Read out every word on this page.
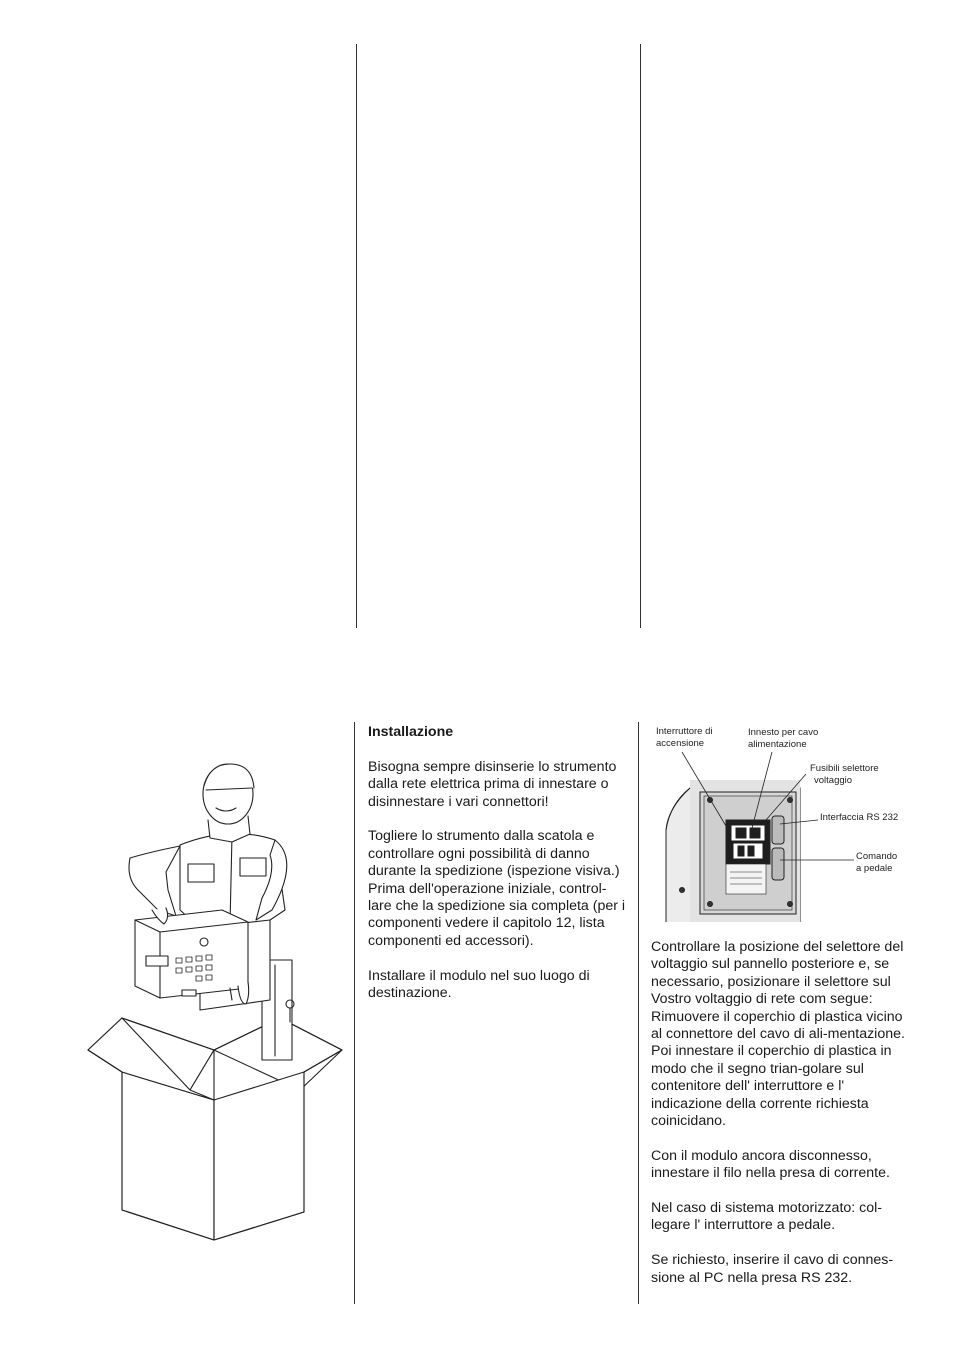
Installazione

Bisogna sempre disinserie lo strumento dalla rete elettrica prima di innestare o disinnestare i vari connettori!

Togliere lo strumento dalla scatola e controllare ogni possibilità di danno durante la spedizione (ispezione visiva.) Prima dell'operazione iniziale, control-lare che la spedizione sia completa (per i componenti vedere il capitolo 12, lista componenti ed accessori).

Installare il modulo nel suo luogo di destinazione.

Interruttore di
accensione
Innesto per cavo
alimentazione
Fusibili selettore
voltaggio
Interfaccia RS 232
Comando
a pedale

Controllare la posizione del selettore del voltaggio sul pannello posteriore e, se necessario, posizionare il selettore sul Vostro voltaggio di rete com segue: Rimuovere il coperchio di plastica vicino al connettore del cavo di ali-mentazione. Poi innestare il coperchio di plastica in modo che il segno trian-golare sul contenitore dell' interruttore e l' indicazione della corrente richiesta coinicidano.

Con il modulo ancora disconnesso, innestare il filo nella presa di corrente.

Nel caso di sistema motorizzato: col-legare l' interruttore a pedale.

Se richiesto, inserire il cavo di connes-sione al PC nella presa RS 232.
